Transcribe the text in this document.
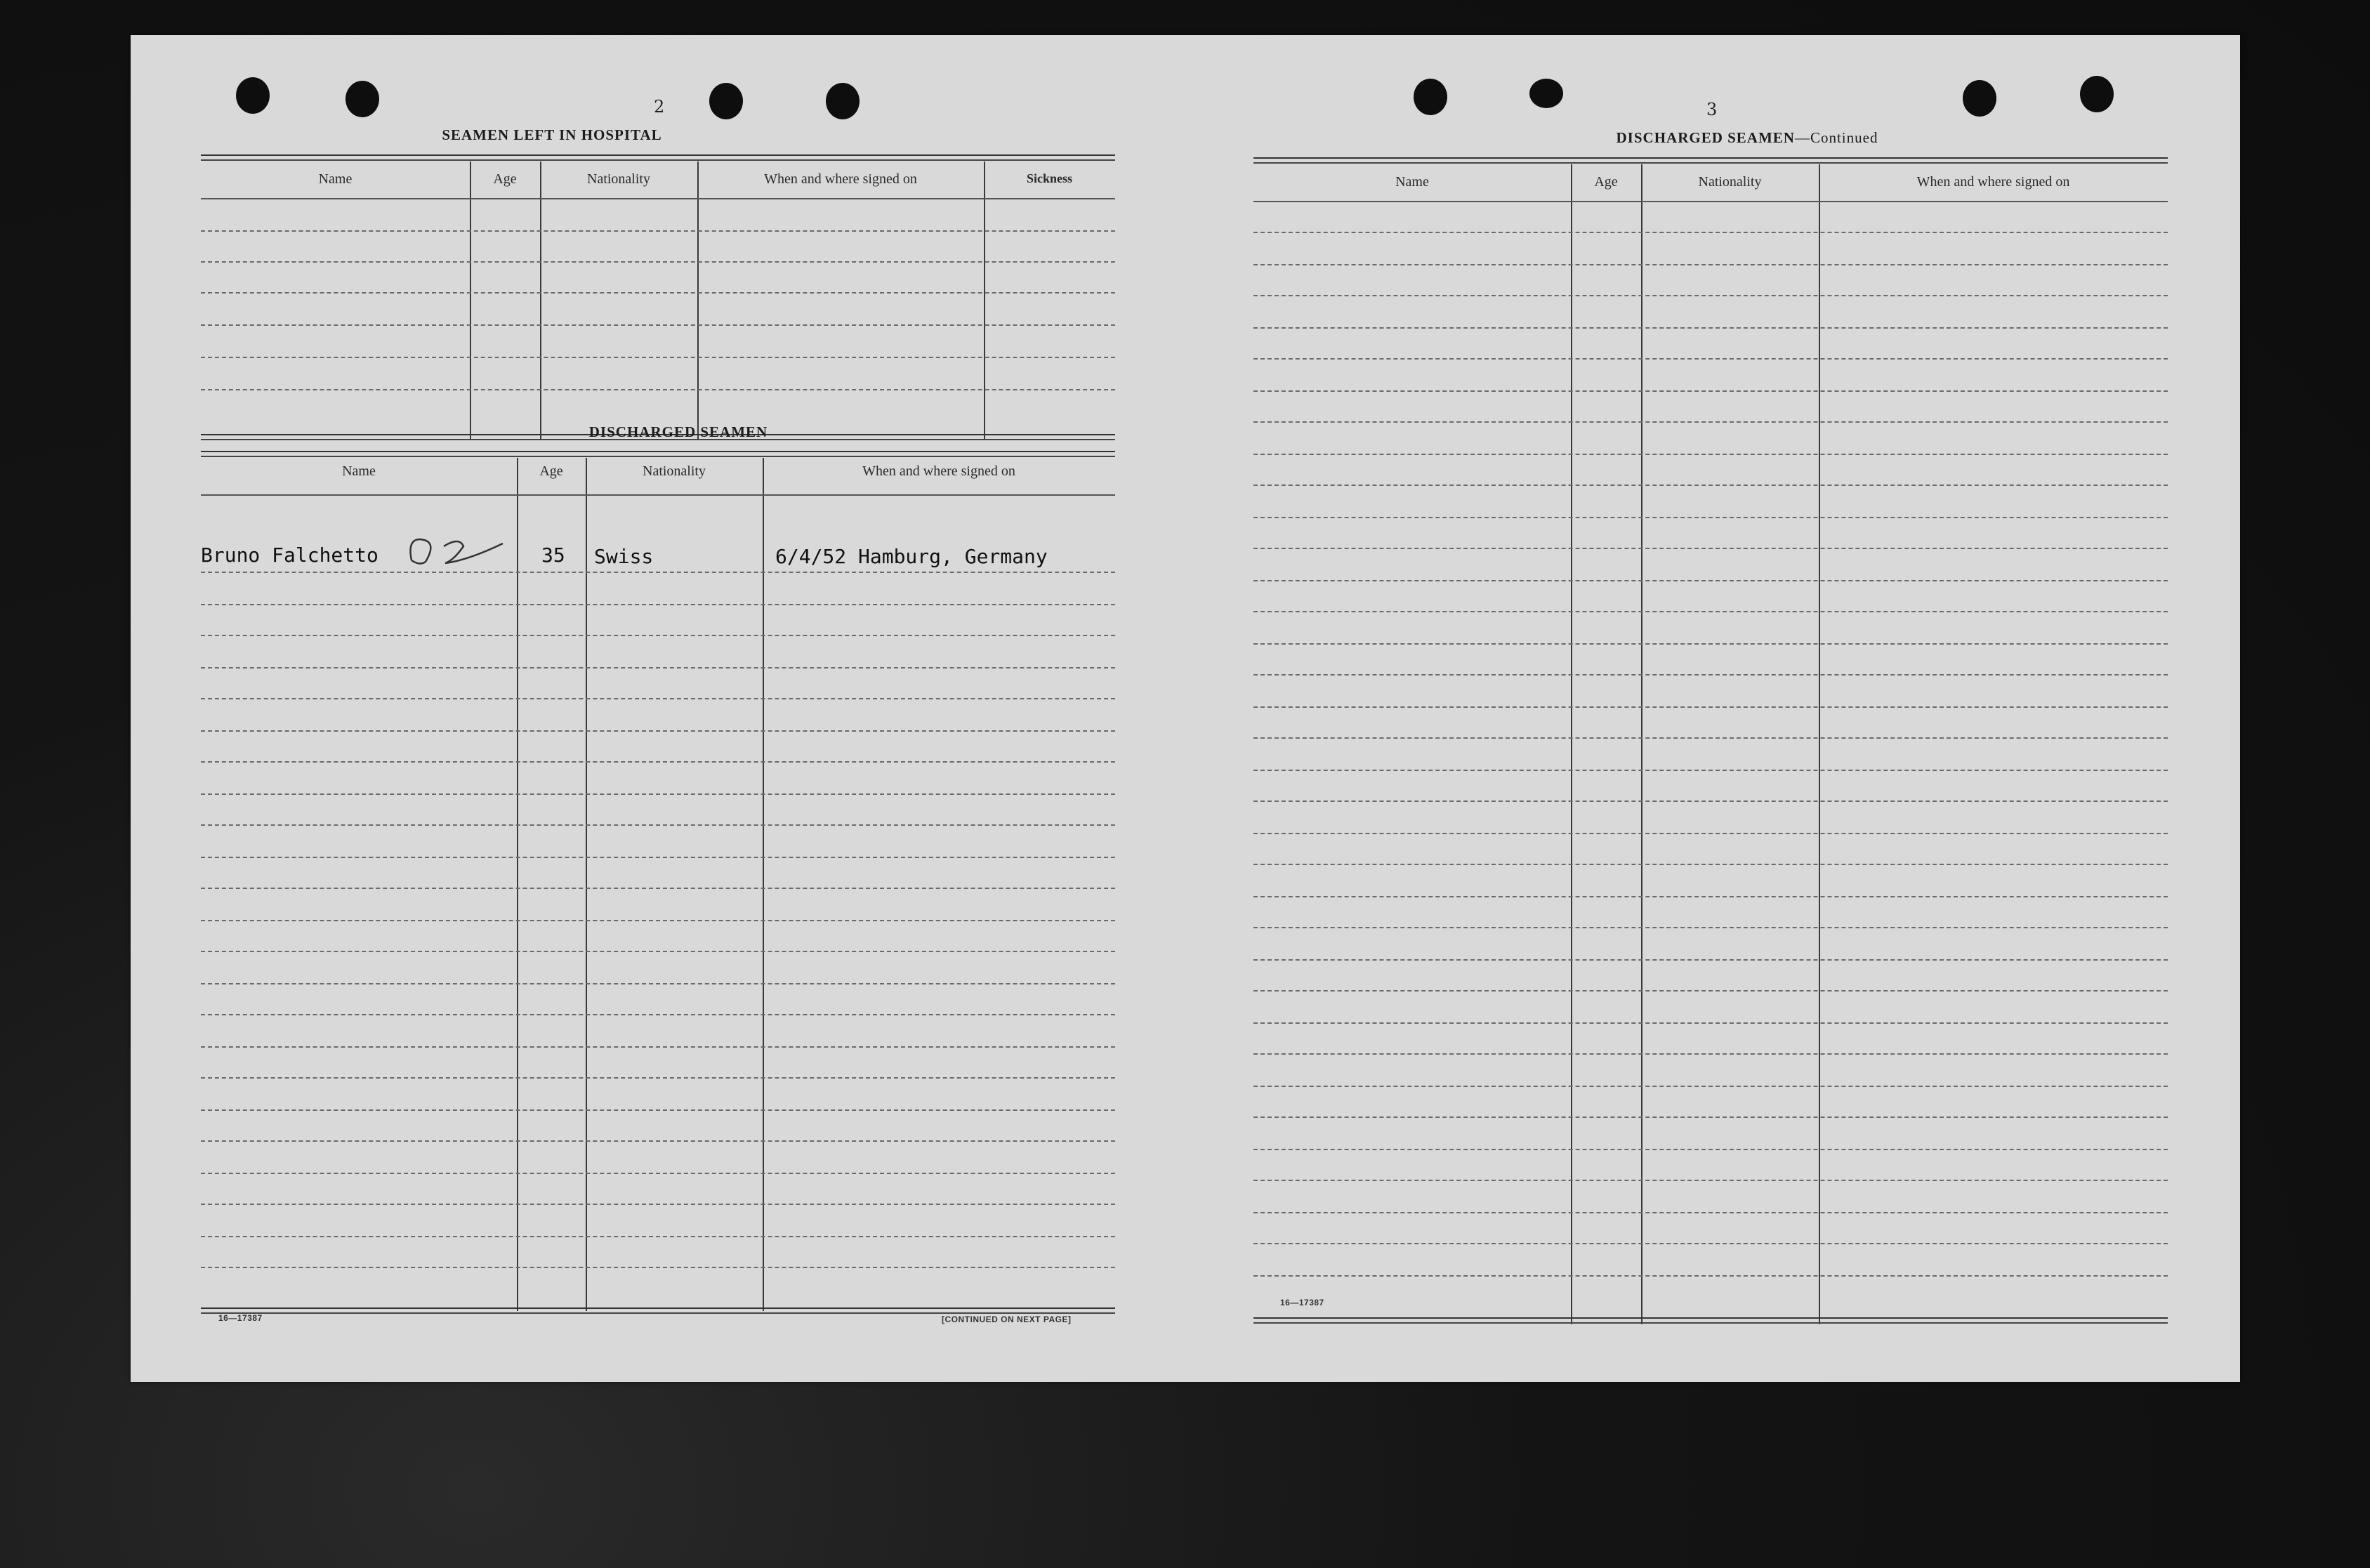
2
SEAMEN LEFT IN HOSPITAL
Name	Age	Nationality	When and where signed on	Sickness
DISCHARGED SEAMEN
Name	Age	Nationality	When and where signed on
Bruno Falchetto	35 Swiss	6/4/52 Hamburg, Germany
16—17387	[CONTINUED ON NEXT PAGE]
3
DISCHARGED SEAMEN—Continued
Name	Age	Nationality	When and where signed on
16—17387
